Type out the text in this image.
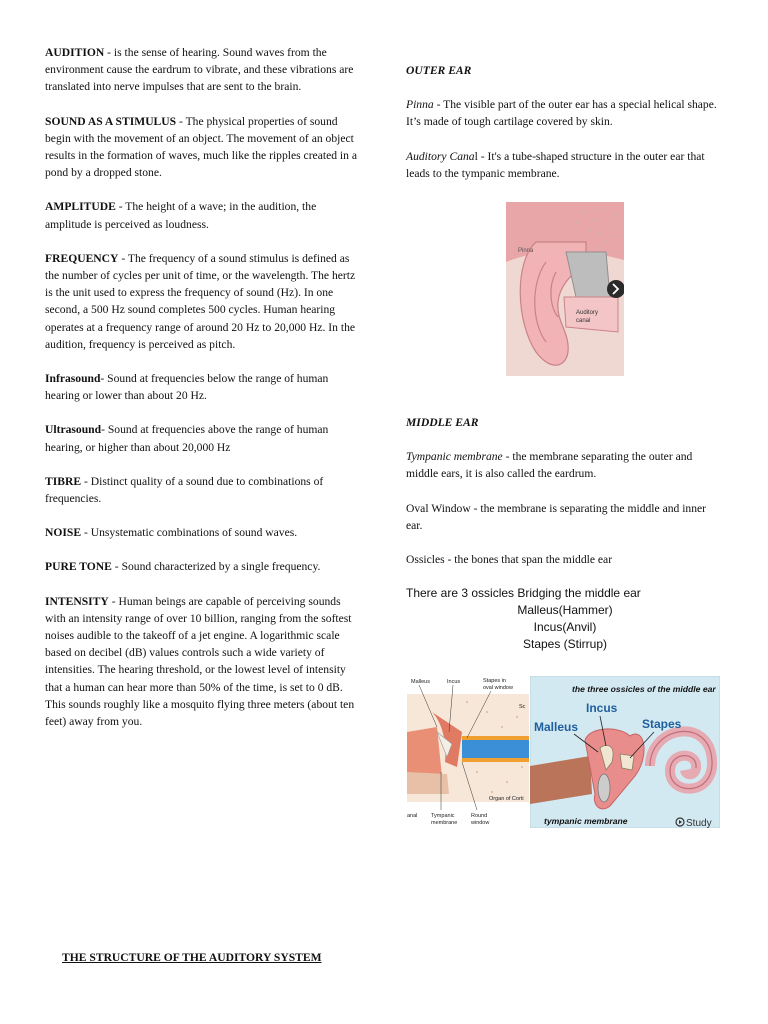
AUDITION - is the sense of hearing. Sound waves from the environment cause the eardrum to vibrate, and these vibrations are translated into nerve impulses that are sent to the brain.

SOUND AS A STIMULUS - The physical properties of sound begin with the movement of an object. The movement of an object results in the formation of waves, much like the ripples created in a pond by a dropped stone.

AMPLITUDE - The height of a wave; in the audition, the amplitude is perceived as loudness.

FREQUENCY - The frequency of a sound stimulus is defined as the number of cycles per unit of time, or the wavelength. The hertz is the unit used to express the frequency of sound (Hz). In one second, a 500 Hz sound completes 500 cycles. Human hearing operates at a frequency range of around 20 Hz to 20,000 Hz. In the audition, frequency is perceived as pitch.

Infrasound- Sound at frequencies below the range of human hearing or lower than about 20 Hz.

Ultrasound- Sound at frequencies above the range of human hearing, or higher than about 20,000 Hz

TIBRE - Distinct quality of a sound due to combinations of frequencies.

NOISE - Unsystematic combinations of sound waves.

PURE TONE - Sound characterized by a single frequency.

INTENSITY - Human beings are capable of perceiving sounds with an intensity range of over 10 billion, ranging from the softest noises audible to the takeoff of a jet engine. A logarithmic scale based on decibel (dB) values controls such a wide variety of intensities. The hearing threshold, or the lowest level of intensity that a human can hear more than 50% of the time, is set to 0 dB. This sounds roughly like a mosquito flying three meters (about ten feet) away from you.

OUTER EAR

Pinna - The visible part of the outer ear has a special helical shape. It’s made of tough cartilage covered by skin.

Auditory Canal - It's a tube-shaped structure in the outer ear that leads to the tympanic membrane.

Pinna
Auditory
canal

MIDDLE EAR

Tympanic membrane - the membrane separating the outer and middle ears, it is also called the eardrum.

Oval Window - the membrane is separating the middle and inner ear.

Ossicles - the bones that span the middle ear

There are 3 ossicles Bridging the middle ear
Malleus(Hammer)
Incus(Anvil)
Stapes (Stirrup)
Malleus	Incus	Stapes in
oval window
Sc
Organ of Corti
anal Tympanic
membrane
Round
window
the three ossicles of the middle ear
Incus
Malleus	Stapes
tympanic membrane	Study
THE STRUCTURE OF THE AUDITORY SYSTEM
